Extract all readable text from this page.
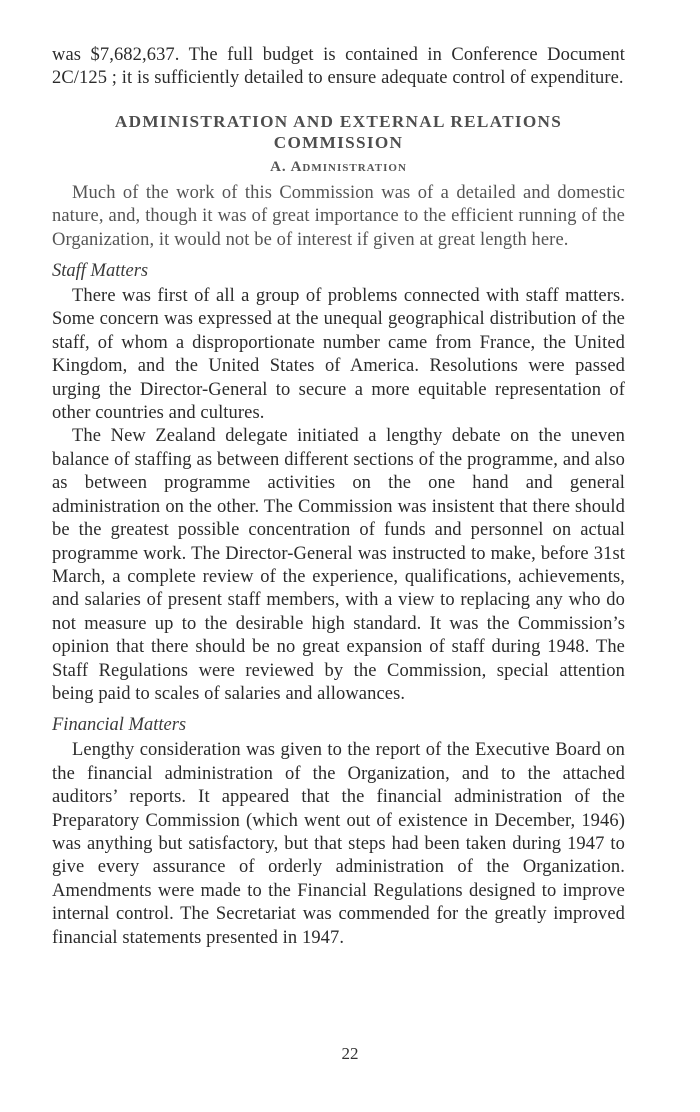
was $7,682,637. The full budget is contained in Conference Document 2C/125 ; it is sufficiently detailed to ensure adequate control of expenditure.

ADMINISTRATION AND EXTERNAL RELATIONS COMMISSION
A. Administration

Much of the work of this Commission was of a detailed and domestic nature, and, though it was of great importance to the efficient running of the Organization, it would not be of interest if given at great length here.

Staff Matters

There was first of all a group of problems connected with staff matters. Some concern was expressed at the unequal geographical distribution of the staff, of whom a disproportionate number came from France, the United Kingdom, and the United States of America. Resolutions were passed urging the Director-General to secure a more equitable representation of other countries and cultures.

The New Zealand delegate initiated a lengthy debate on the uneven balance of staffing as between different sections of the programme, and also as between programme activities on the one hand and general administration on the other. The Commission was insistent that there should be the greatest possible concentration of funds and personnel on actual programme work. The Director-General was instructed to make, before 31st March, a complete review of the experience, qualifications, achievements, and salaries of present staff members, with a view to replacing any who do not measure up to the desirable high standard. It was the Commission’s opinion that there should be no great expansion of staff during 1948. The Staff Regulations were reviewed by the Commission, special attention being paid to scales of salaries and allowances.

Financial Matters

Lengthy consideration was given to the report of the Executive Board on the financial administration of the Organization, and to the attached auditors’ reports. It appeared that the financial administration of the Preparatory Commission (which went out of existence in December, 1946) was anything but satisfactory, but that steps had been taken during 1947 to give every assurance of orderly administration of the Organization. Amendments were made to the Financial Regulations designed to improve internal control. The Secretariat was commended for the greatly improved financial statements presented in 1947.

22
